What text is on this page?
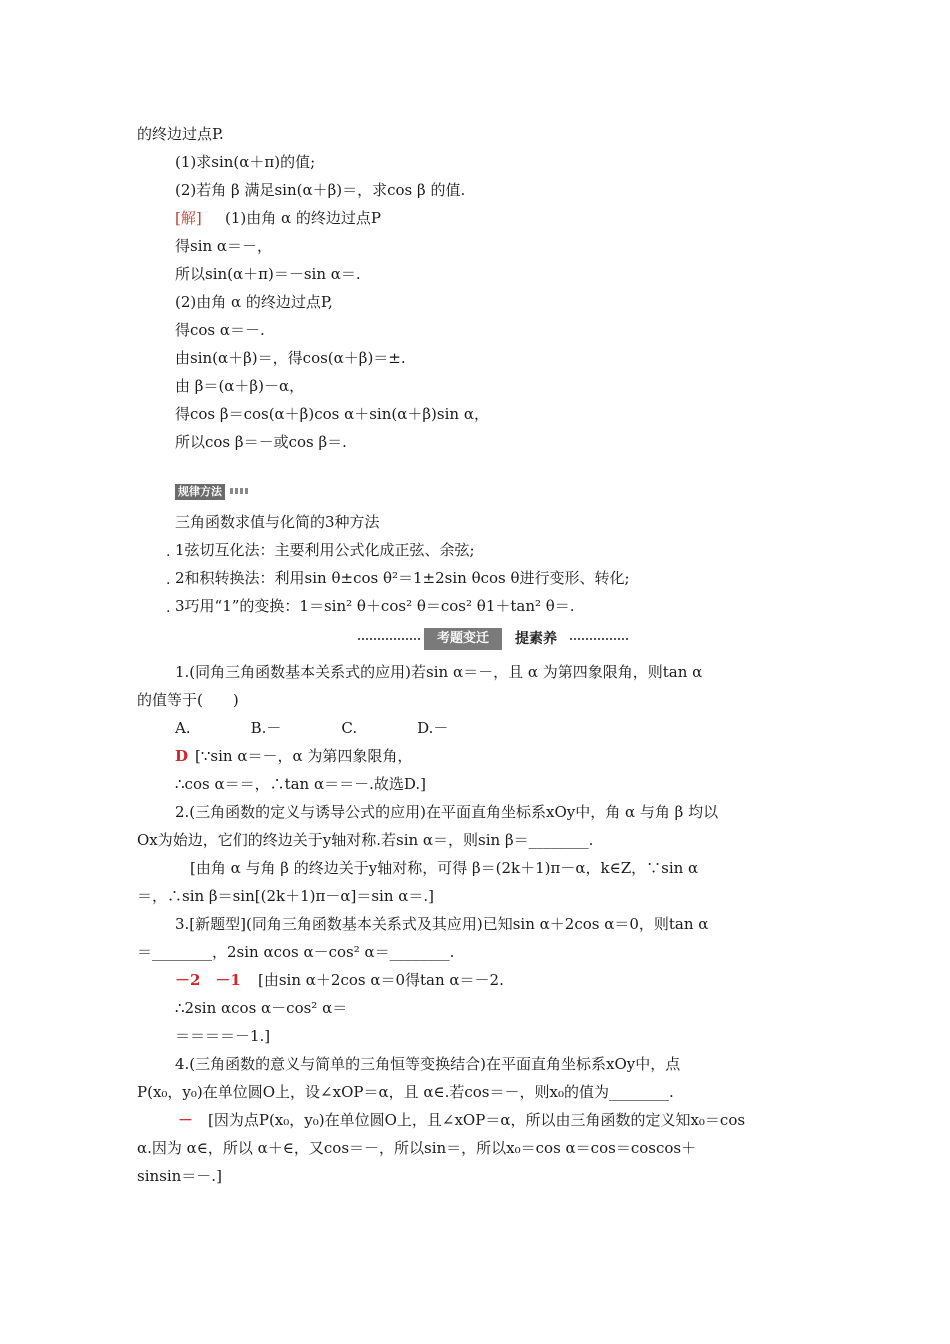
的终边过点P.
(1)求sin(α＋π)的值;
(2)若角 β 满足sin(α＋β)＝，求cos β 的值.
[解] (1)由角 α 的终边过点P
得sin α＝－，
所以sin(α＋π)＝－sin α＝.
(2)由角 α 的终边过点P,
得cos α＝－.
由sin(α＋β)＝，得cos(α＋β)＝±.
由 β＝(α＋β)－α，
得cos β＝cos(α＋β)cos α＋sin(α＋β)sin α，
所以cos β＝－或cos β＝.
规律方法
三角函数求值与化简的3种方法
. 1弦切互化法：主要利用公式化成正弦、余弦;
. 2和积转换法：利用sin θ±cos θ²＝1±2sin θcos θ进行变形、转化;
. 3巧用“1”的变换：1＝sin² θ＋cos² θ＝cos² θ1＋tan² θ＝.
考题变迁	提素养
1.(同角三角函数基本关系式的应用)若sin α＝－，且 α 为第四象限角，则tan α
的值等于(　　)
A.　　　　B.－　　　　C.　　　　D.－
D [∵sin α＝－，α 为第四象限角，
∴cos α＝＝，∴tan α＝＝－.故选D.]
2.(三角函数的定义与诱导公式的应用)在平面直角坐标系xOy中，角 α 与角 β 均以
Ox为始边，它们的终边关于y轴对称.若sin α＝，则sin β＝________.
[由角 α 与角 β 的终边关于y轴对称，可得 β＝(2k＋1)π－α，k∈Z，∵sin α
＝，∴sin β＝sin[(2k＋1)π－α]＝sin α＝.]
3.[新题型](同角三角函数基本关系式及其应用)已知sin α＋2cos α＝0，则tan α
＝________，2sin αcos α－cos² α＝________.
－2　－1 [由sin α＋2cos α＝0得tan α＝－2.
∴2sin αcos α－cos² α＝
＝＝＝＝－1.]
4.(三角函数的意义与简单的三角恒等变换结合)在平面直角坐标系xOy中，点
P(x₀，y₀)在单位圆O上，设∠xOP＝α，且 α∈.若cos＝－，则x₀的值为________.
－ [因为点P(x₀，y₀)在单位圆O上，且∠xOP＝α，所以由三角函数的定义知x₀＝cos
α.因为 α∈，所以 α＋∈，又cos＝－，所以sin＝，所以x₀＝cos α＝cos＝coscos＋
sinsin＝－.]
